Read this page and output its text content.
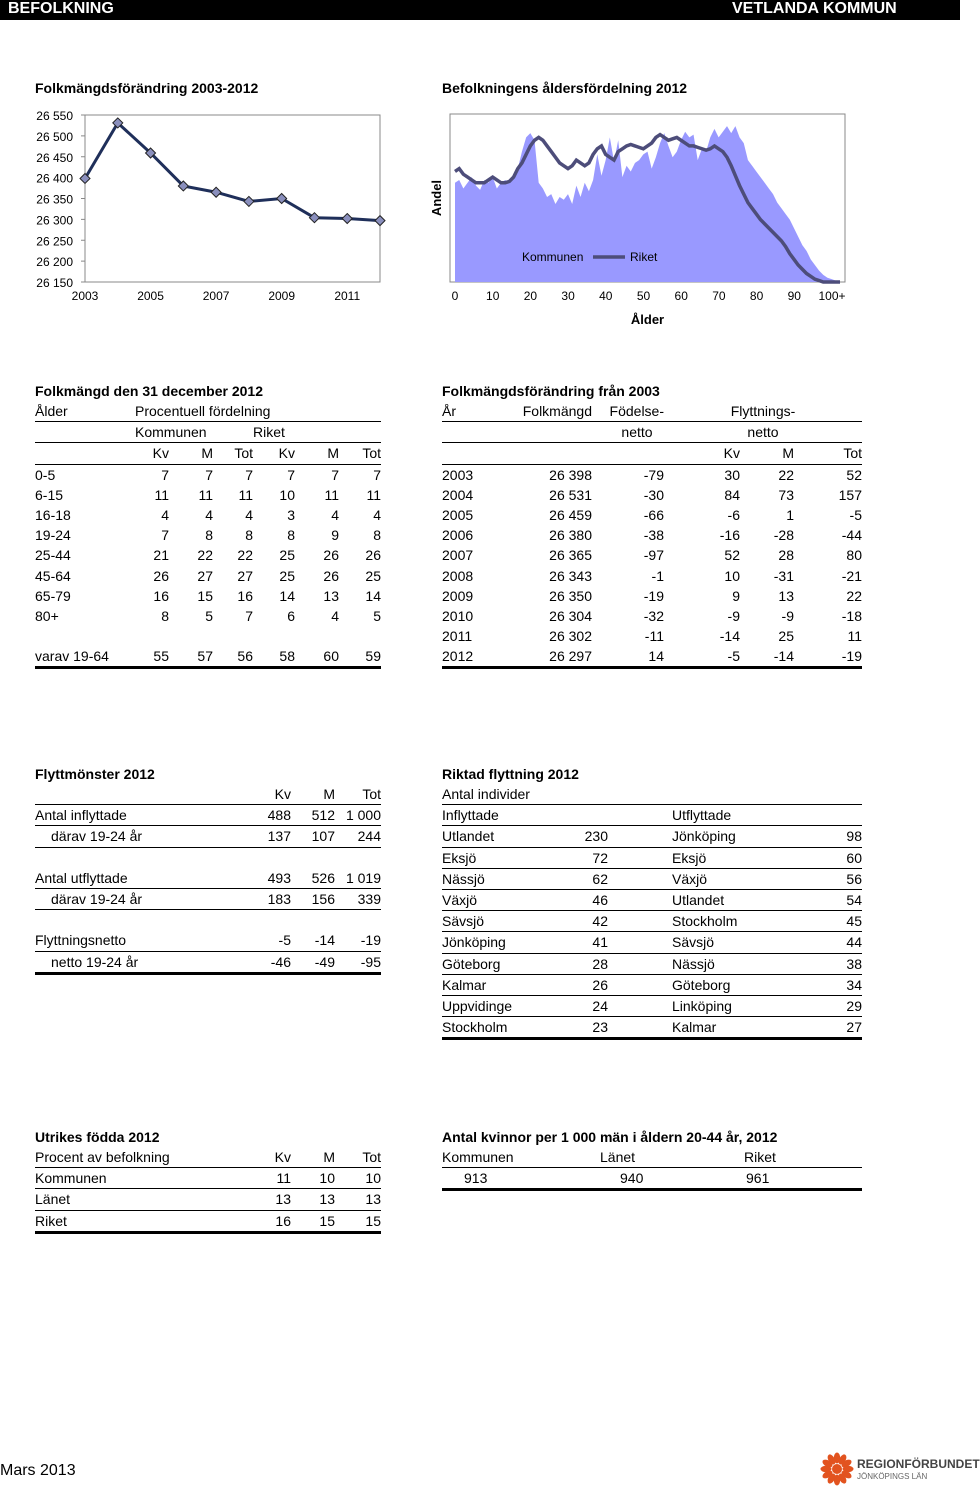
BEFOLKNING	VETLANDA KOMMUN
Folkmängdsförändring 2003-2012
26 550
26 500
26 450
26 400
26 350
26 300
26 250
26 200
26 150
2003	2005	2007	2009	2011
Befolkningens åldersfördelning 2012
Andel
Ålder
0 10 20 30 40 50 60 70 80 90 100+
Kommunen	Riket
Folkmängd den 31 december 2012
Ålder	Procentuell fördelning					
	Kommunen			Riket		
	Kv	M	Tot	Kv	M	Tot
0-5	7	7	7	7	7	7
6-15	11	11	11	10	11	11
16-18	4	4	4	3	4	4
19-24	7	8	8	8	9	8
25-44	21	22	22	25	26	26
45-64	26	27	27	25	26	25
65-79	16	15	16	14	13	14
80+	8	5	7	6	4	5

varav 19-64	55	57	56	58	60	59
Folkmängdsförändring från 2003
År	Folkmängd	Födelse-	Flyttnings-		
		netto	netto		
			Kv	M	Tot
2003	26 398	-79	30	22	52
2004	26 531	-30	84	73	157
2005	26 459	-66	-6	1	-5
2006	26 380	-38	-16	-28	-44
2007	26 365	-97	52	28	80
2008	26 343	-1	10	-31	-21
2009	26 350	-19	9	13	22
2010	26 304	-32	-9	-9	-18
2011	26 302	-11	-14	25	11
2012	26 297	14	-5	-14	-19
Flyttmönster 2012
	Kv	M	Tot
Antal inflyttade	488	512	1 000
därav 19-24 år	137	107	244

Antal utflyttade	493	526	1 019
därav 19-24 år	183	156	339

Flyttningsnetto	-5	-14	-19
netto 19-24 år	-46	-49	-95
Riktad flyttning 2012
Antal individer				
Inflyttade			Utflyttade	
Utlandet	230		Jönköping	98
Eksjö	72		Eksjö	60
Nässjö	62		Växjö	56
Växjö	46		Utlandet	54
Sävsjö	42		Stockholm	45
Jönköping	41		Sävsjö	44
Göteborg	28		Nässjö	38
Kalmar	26		Göteborg	34
Uppvidinge	24		Linköping	29
Stockholm	23		Kalmar	27
Utrikes födda 2012
Procent av befolkning	Kv	M	Tot
Kommunen	11	10	10
Länet	13	13	13
Riket	16	15	15
Antal kvinnor per 1 000 män i åldern 20-44 år, 2012
Kommunen	Länet	Riket
913	940	961
Mars 2013	REGIONFÖRBUNDET
JÖNKÖPINGS LÄN
